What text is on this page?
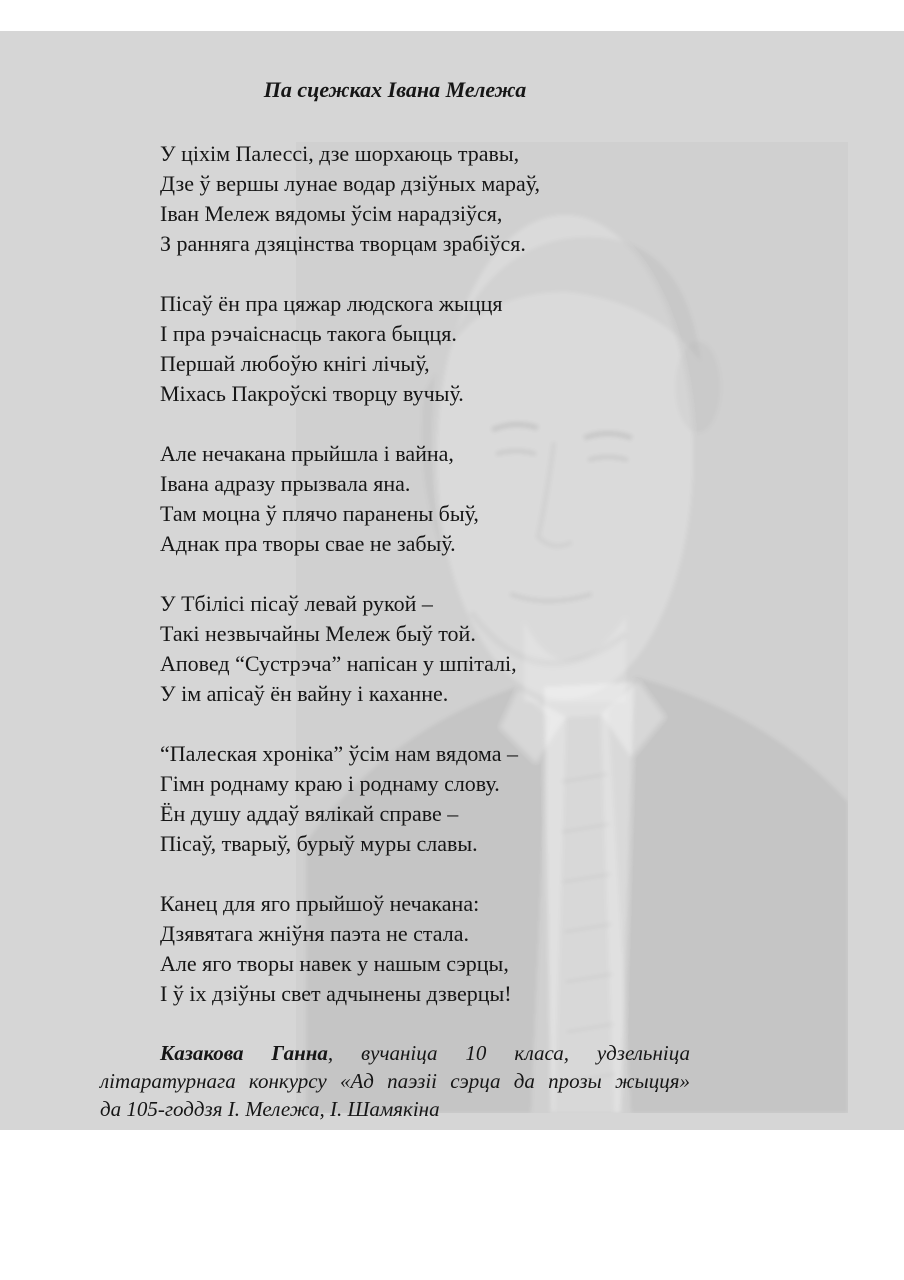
Па сцежках Івана Мележа
У ціхім Палессі, дзе шорхаюць травы,
Дзе ў вершы лунае водар дзіўных мараў,
Іван Мележ вядомы ўсім нарадзіўся,
З ранняга дзяцінства творцам зрабіўся.
Пісаў ён пра цяжар людскога жыцця
І пра рэчаіснасць такога быцця.
Першай любоўю кнігі лічыў,
Міхась Пакроўскі творцу вучыў.
Але нечакана прыйшла і вайна,
Івана адразу прызвала яна.
Там моцна ў плячо паранены быў,
Аднак пра творы свае не забыў.
У Тбілісі пісаў левай рукой –
Такі незвычайны Мележ быў той.
Аповед “Сустрэча” напісан у шпіталі,
У ім апісаў ён вайну і каханне.
“Палеская хроніка” ўсім нам вядома –
Гімн роднаму краю і роднаму слову.
Ён душу аддаў вялікай справе –
Пісаў, тварыў, бурыў муры славы.
Канец для яго прыйшоў нечакана:
Дзявятага жніўня паэта не стала.
Але яго творы навек у нашым сэрцы,
І ў іх дзіўны свет адчынены дзверцы!
Казакова Ганна, вучаніца 10 класа, удзельніца
літаратурнага конкурсу «Ад паэзіі сэрца да прозы жыцця»
да 105-годдзя І. Мележа, І. Шамякіна
